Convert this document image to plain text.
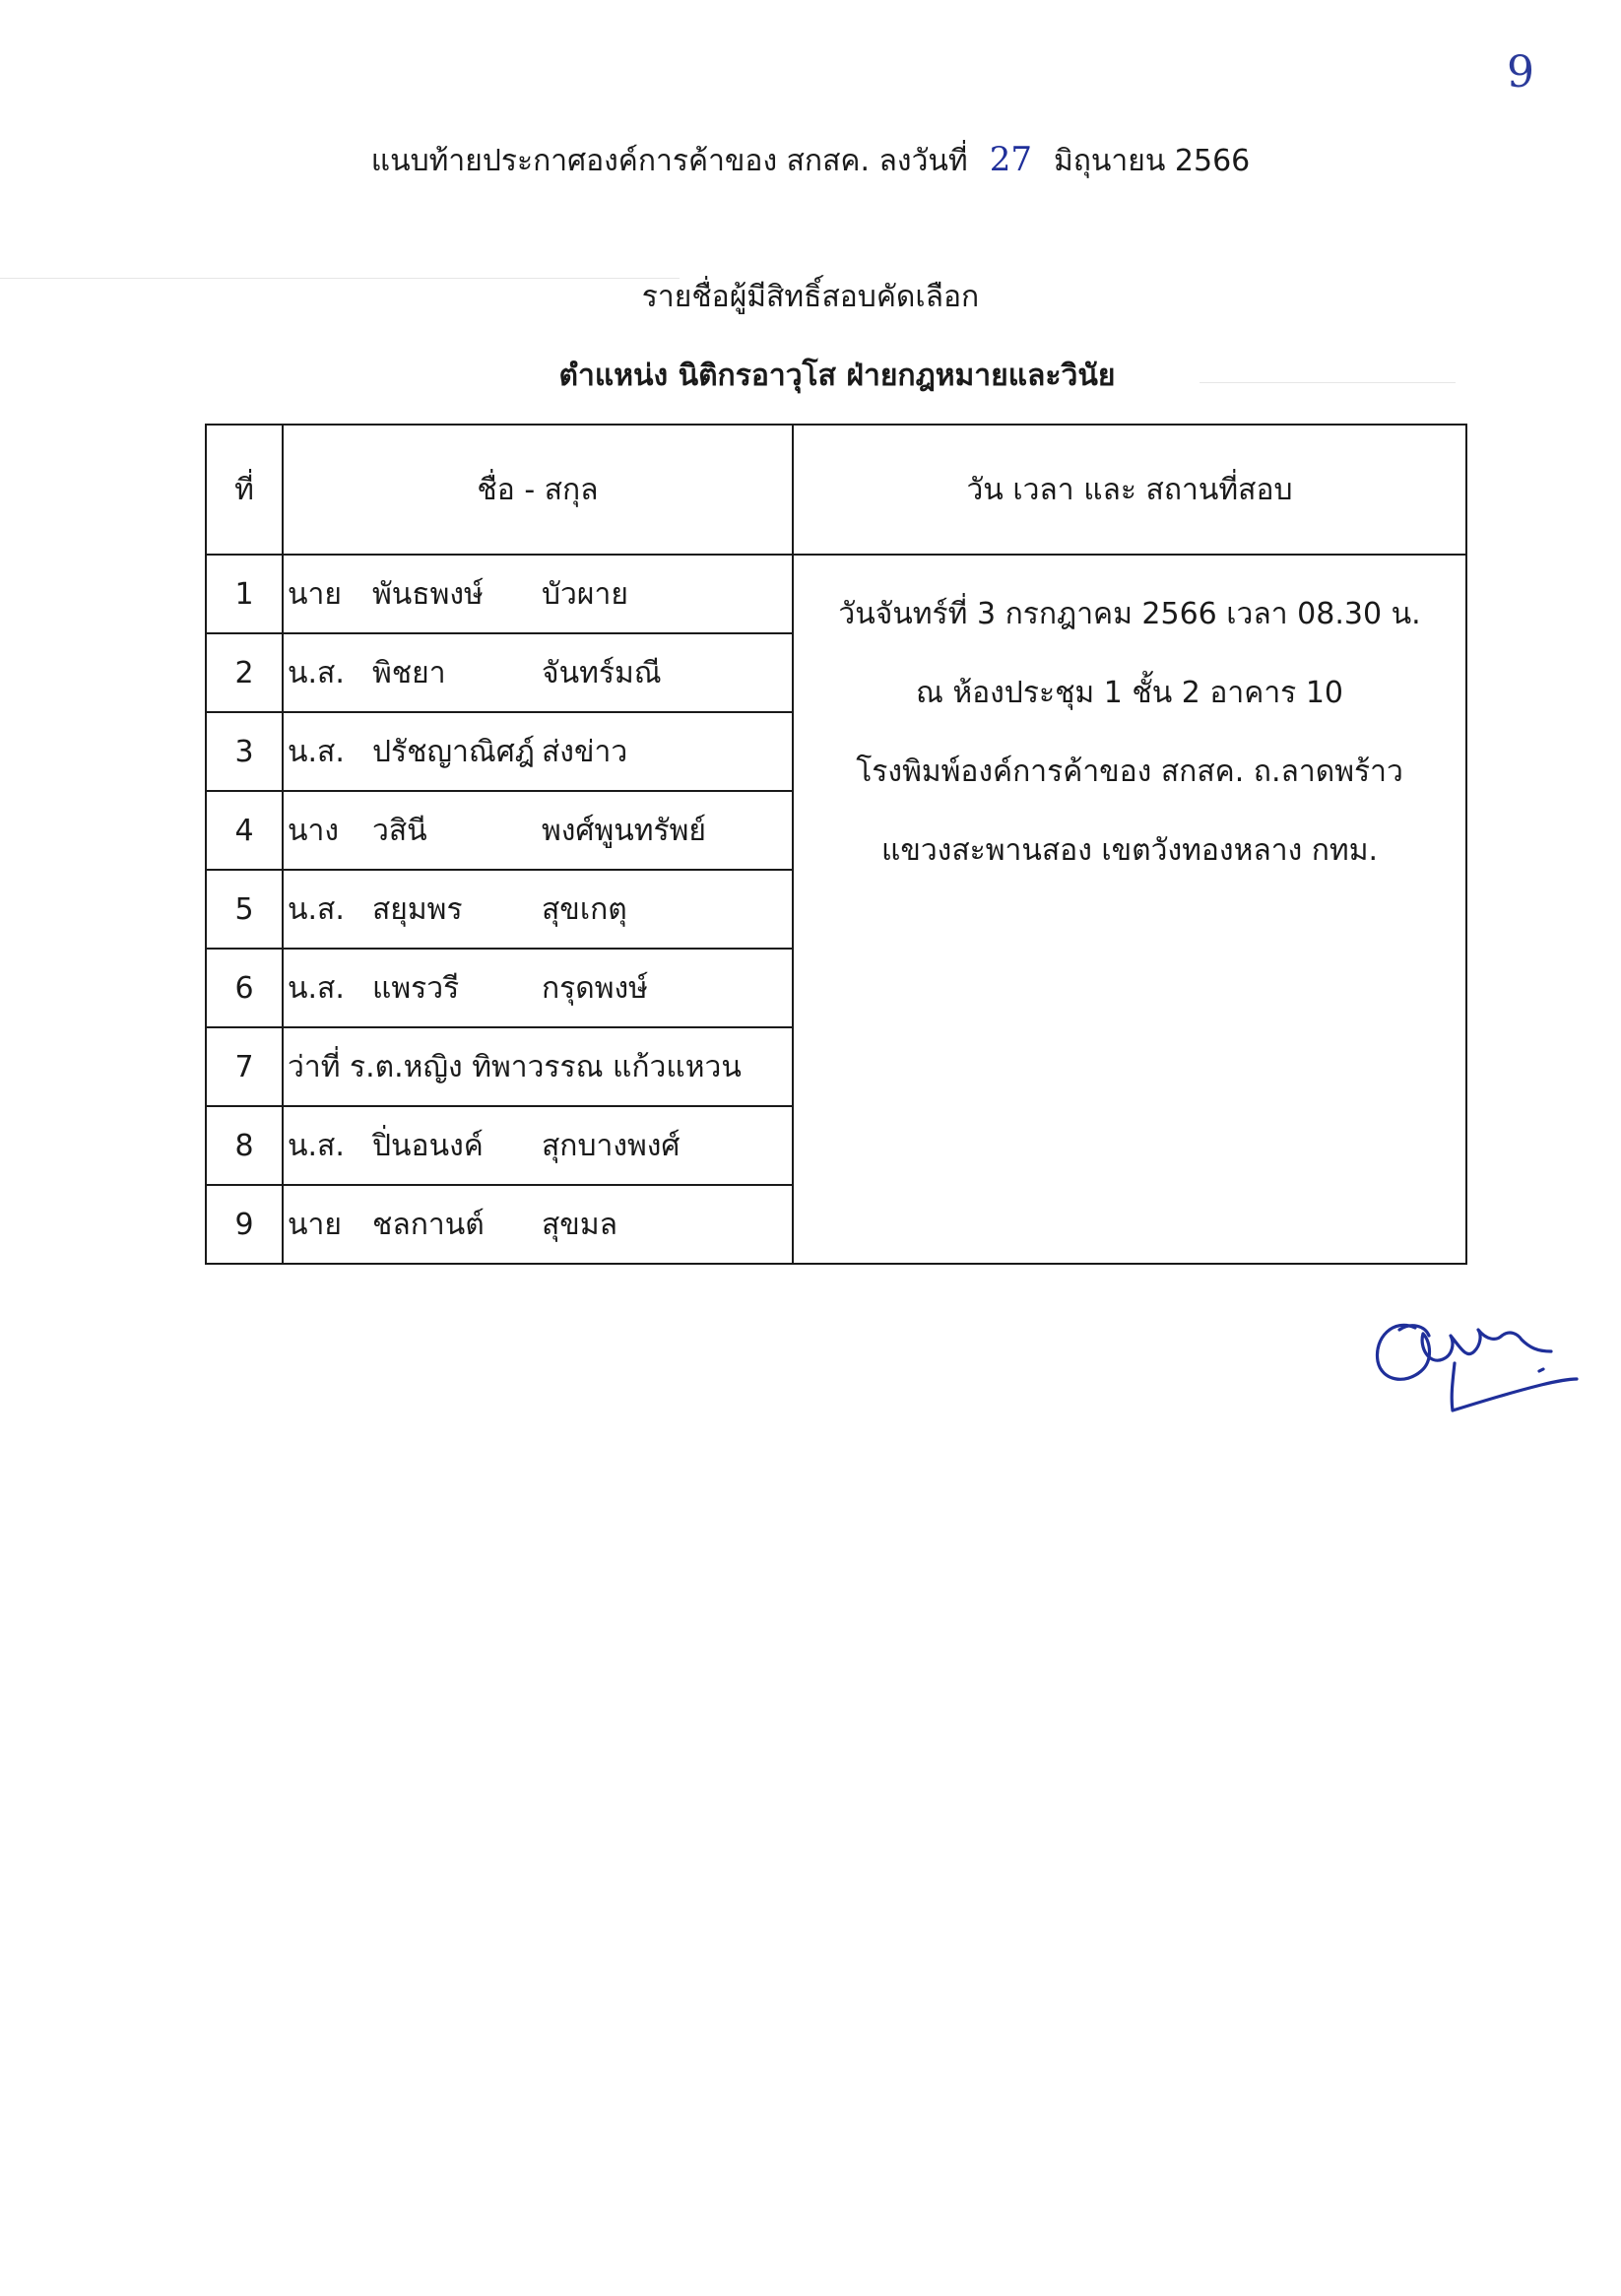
9
แนบท้ายประกาศองค์การค้าของ สกสค. ลงวันที่ 27 มิถุนายน 2566
รายชื่อผู้มีสิทธิ์สอบคัดเลือก
ตำแหน่ง นิติกรอาวุโส ฝ่ายกฎหมายและวินัย
ที่	ชื่อ - สกุล	วัน เวลา และ สถานที่สอบ
1	นาย พันธพงษ์ บัวผาย	วันจันทร์ที่ 3 กรกฎาคม 2566 เวลา 08.30 น.
ณ ห้องประชุม 1 ชั้น 2 อาคาร 10
โรงพิมพ์องค์การค้าของ สกสค. ถ.ลาดพร้าว
แขวงสะพานสอง เขตวังทองหลาง กทม.

2	น.ส. พิชยา จันทร์มณี	
3	น.ส. ปรัชญาณิศฎ์ ส่งข่าว	
4	นาง วสินี พงศ์พูนทรัพย์	
5	น.ส. สยุมพร สุขเกตุ	
6	น.ส. แพรวรี กรุดพงษ์	
7	ว่าที่ ร.ต.หญิง ทิพาวรรณ แก้วแหวน	
8	น.ส. ปิ่นอนงค์ สุกบางพงศ์	
9	นาย ชลกานต์ สุขมล	
